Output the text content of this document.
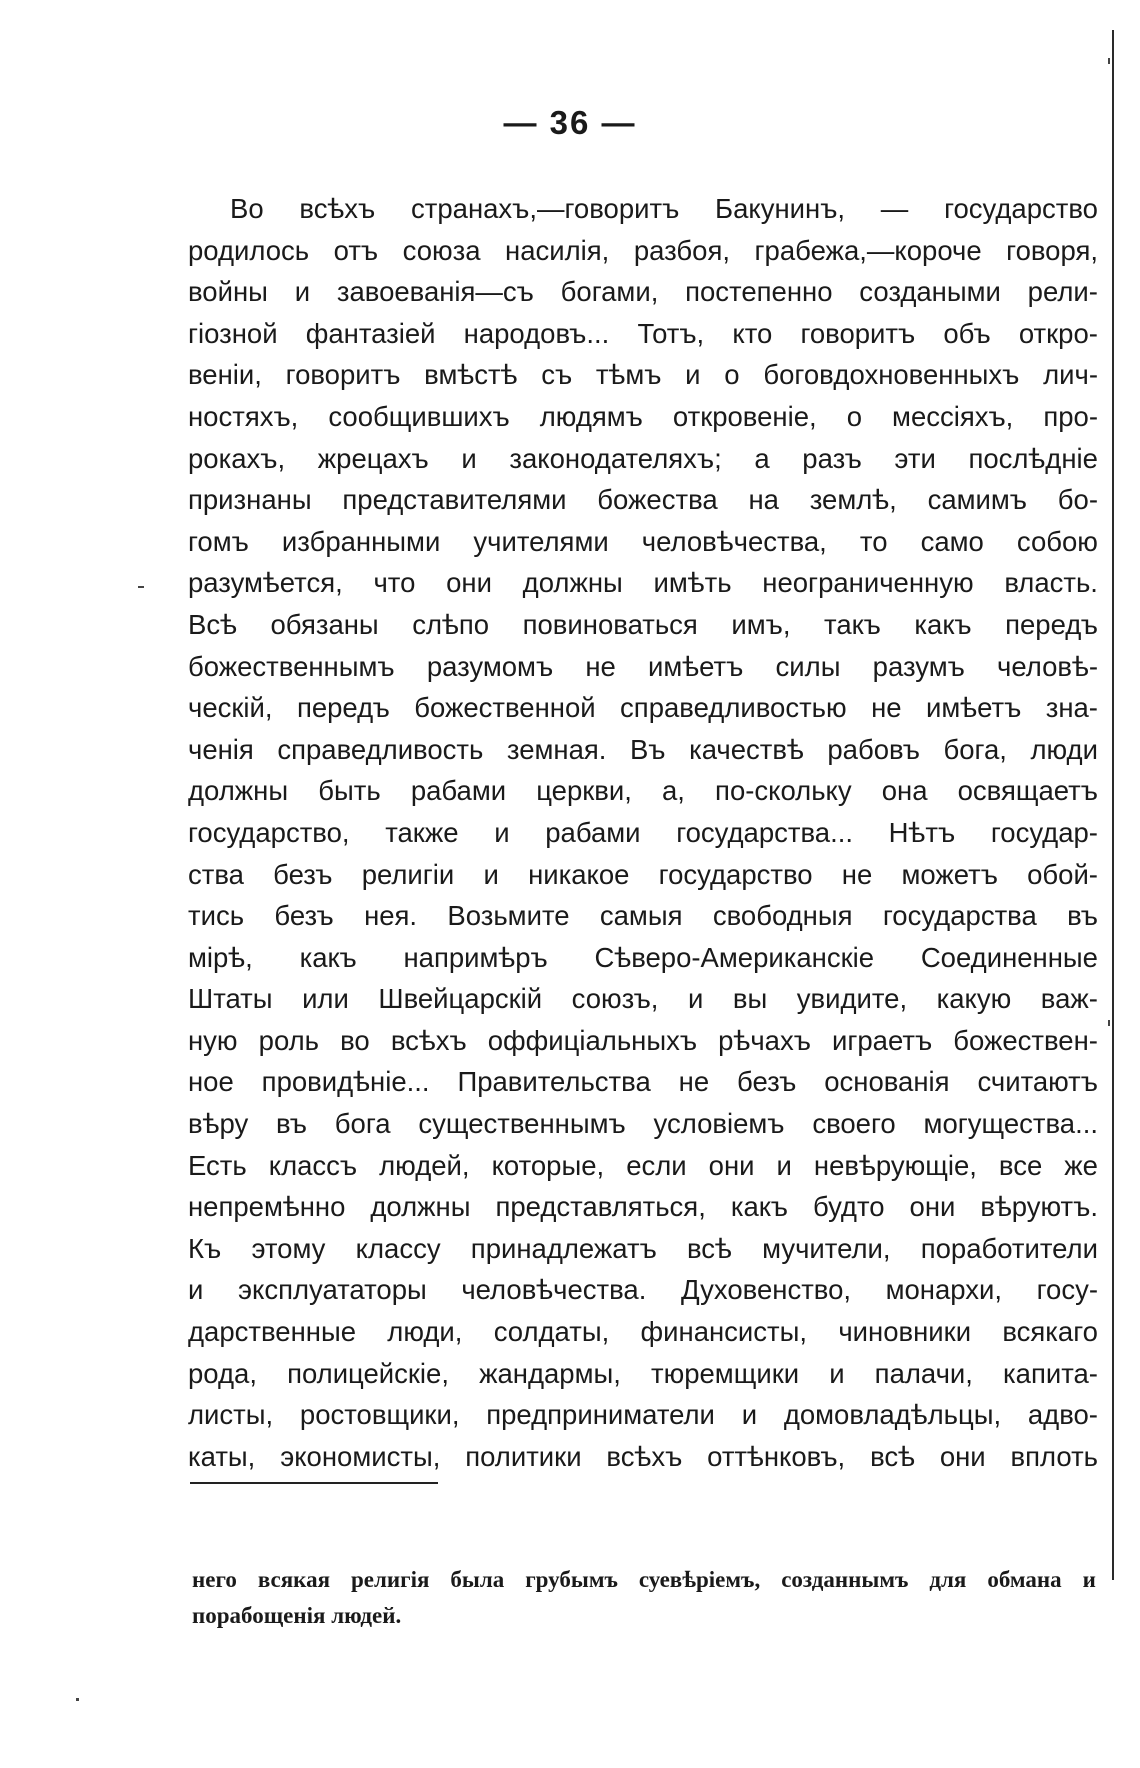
— 36 —
Во всѣхъ странахъ,—говоритъ Бакунинъ, — государство
родилось отъ союза насилія, разбоя, грабежа,—короче говоря,
войны и завоеванія—съ богами, постепенно создаными рели-
гіозной фантазіей народовъ... Тотъ, кто говоритъ объ откро-
веніи, говоритъ вмѣстѣ съ тѣмъ и о боговдохновенныхъ лич-
ностяхъ, сообщившихъ людямъ откровеніе, о мессіяхъ, про-
рокахъ, жрецахъ и законодателяхъ; а разъ эти послѣдніе
признаны представителями божества на землѣ, самимъ бо-
гомъ избранными учителями человѣчества, то само собою
разумѣется, что они должны имѣть неограниченную власть.
Всѣ обязаны слѣпо повиноваться имъ, такъ какъ передъ
божественнымъ разумомъ не имѣетъ силы разумъ человѣ-
ческій, передъ божественной справедливостью не имѣетъ зна-
ченія справедливость земная. Въ качествѣ рабовъ бога, люди
должны быть рабами церкви, а, по-скольку она освящаетъ
государство, также и рабами государства... Нѣтъ государ-
ства безъ религіи и никакое государство не можетъ обой-
тись безъ нея. Возьмите самыя свободныя государства въ
мірѣ, какъ напримѣръ Сѣверо-Американскіе Соединенные
Штаты или Швейцарскій союзъ, и вы увидите, какую важ-
ную роль во всѣхъ оффиціальныхъ рѣчахъ играетъ божествен-
ное провидѣніе... Правительства не безъ основанія считаютъ
вѣру въ бога существеннымъ условіемъ своего могущества...
Есть классъ людей, которые, если они и невѣрующіе, все же
непремѣнно должны представляться, какъ будто они вѣруютъ.
Къ этому классу принадлежатъ всѣ мучители, поработители
и эксплуататоры человѣчества. Духовенство, монархи, госу-
дарственные люди, солдаты, финансисты, чиновники всякаго
рода, полицейскіе, жандармы, тюремщики и палачи, капита-
листы, ростовщики, предприниматели и домовладѣльцы, адво-
каты, экономисты, политики всѣхъ оттѣнковъ, всѣ они вплоть
него всякая религія была грубымъ суевѣріемъ, созданнымъ для обмана и
порабощенія людей.
